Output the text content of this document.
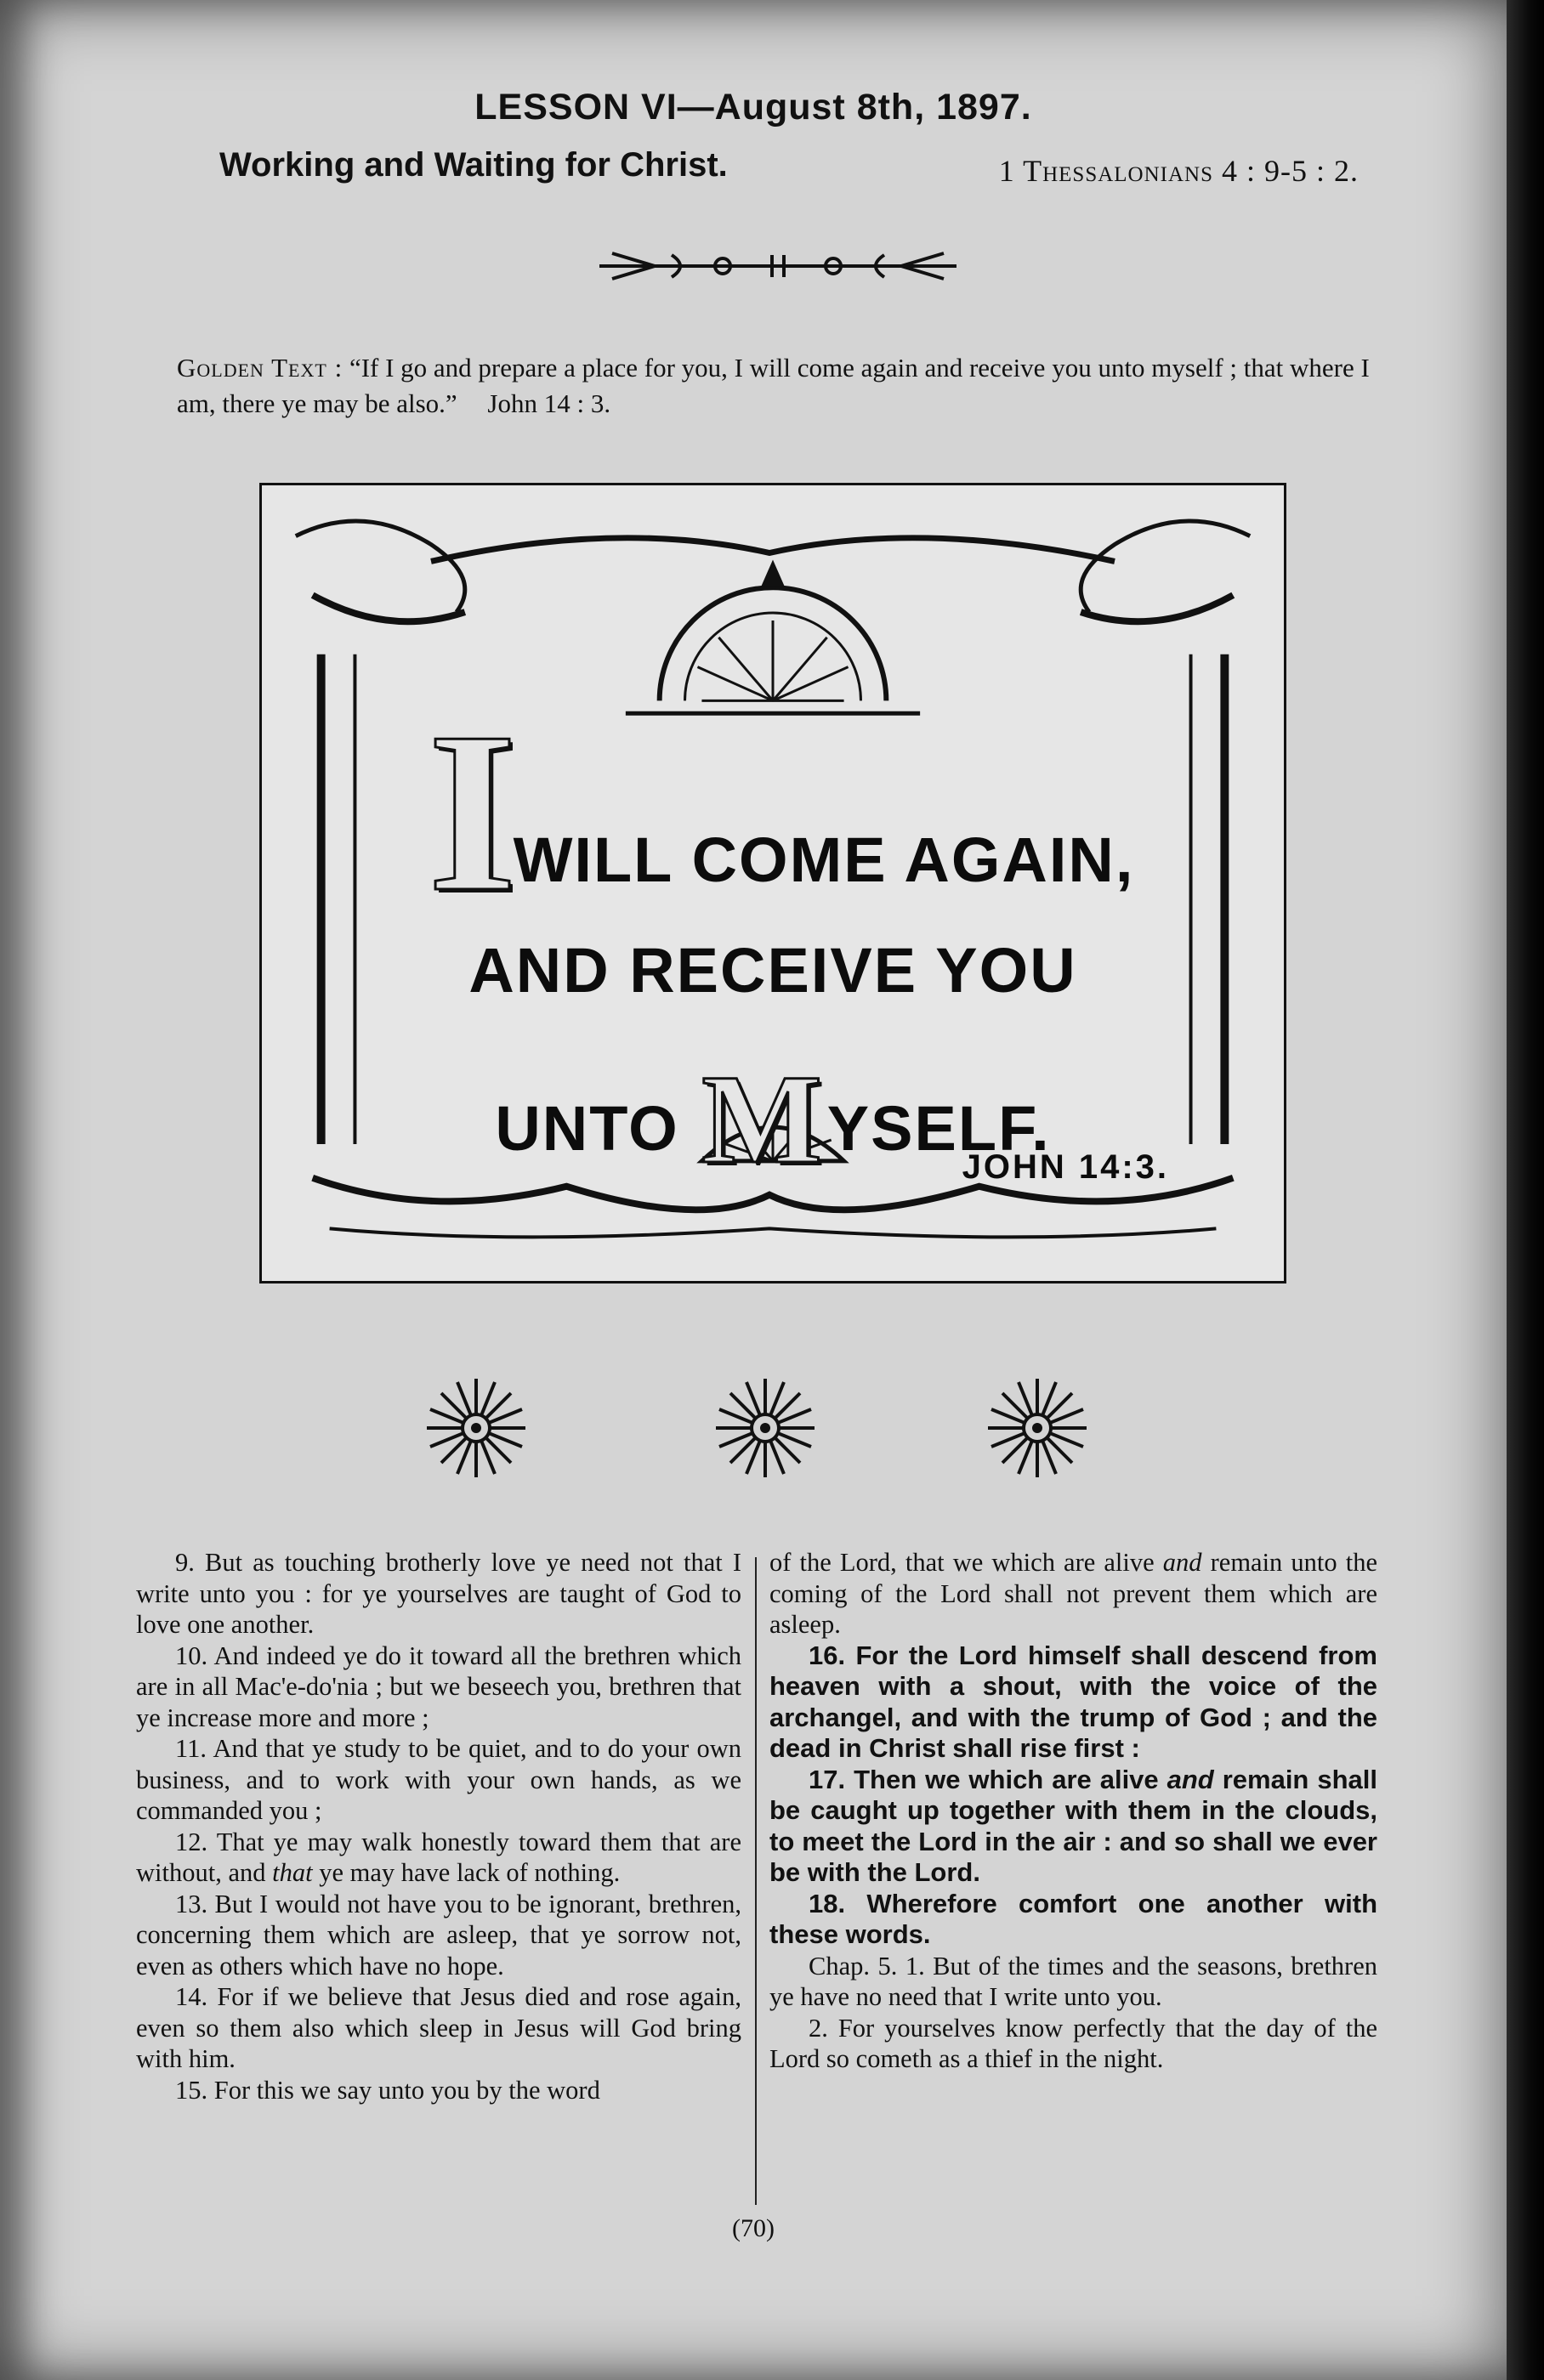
LESSON VI—August 8th, 1897.
Working and Waiting for Christ.	1 Thessalonians 4 : 9-5 : 2.
Golden Text : “If I go and prepare a place for you, I will come again and receive you unto myself ; that where I am, there ye may be also.” John 14 : 3.
I
WILL COME AGAIN,
AND RECEIVE YOU
UNTO MYSELF.
JOHN 14:3.

9. But as touching brotherly love ye need not that I write unto you : for ye yourselves are taught of God to love one another.

10. And indeed ye do it toward all the brethren which are in all Mac'e-do'nia ; but we beseech you, brethren that ye increase more and more ;

11. And that ye study to be quiet, and to do your own business, and to work with your own hands, as we commanded you ;

12. That ye may walk honestly toward them that are without, and that ye may have lack of nothing.

13. But I would not have you to be ignorant, brethren, concerning them which are asleep, that ye sorrow not, even as others which have no hope.

14. For if we believe that Jesus died and rose again, even so them also which sleep in Jesus will God bring with him.

15. For this we say unto you by the word

of the Lord, that we which are alive and remain unto the coming of the Lord shall not prevent them which are asleep.

16. For the Lord himself shall descend from heaven with a shout, with the voice of the archangel, and with the trump of God ; and the dead in Christ shall rise first :

17. Then we which are alive and remain shall be caught up together with them in the clouds, to meet the Lord in the air : and so shall we ever be with the Lord.

18. Wherefore comfort one another with these words.

Chap. 5. 1. But of the times and the seasons, brethren ye have no need that I write unto you.

2. For yourselves know perfectly that the day of the Lord so cometh as a thief in the night.

(70)
